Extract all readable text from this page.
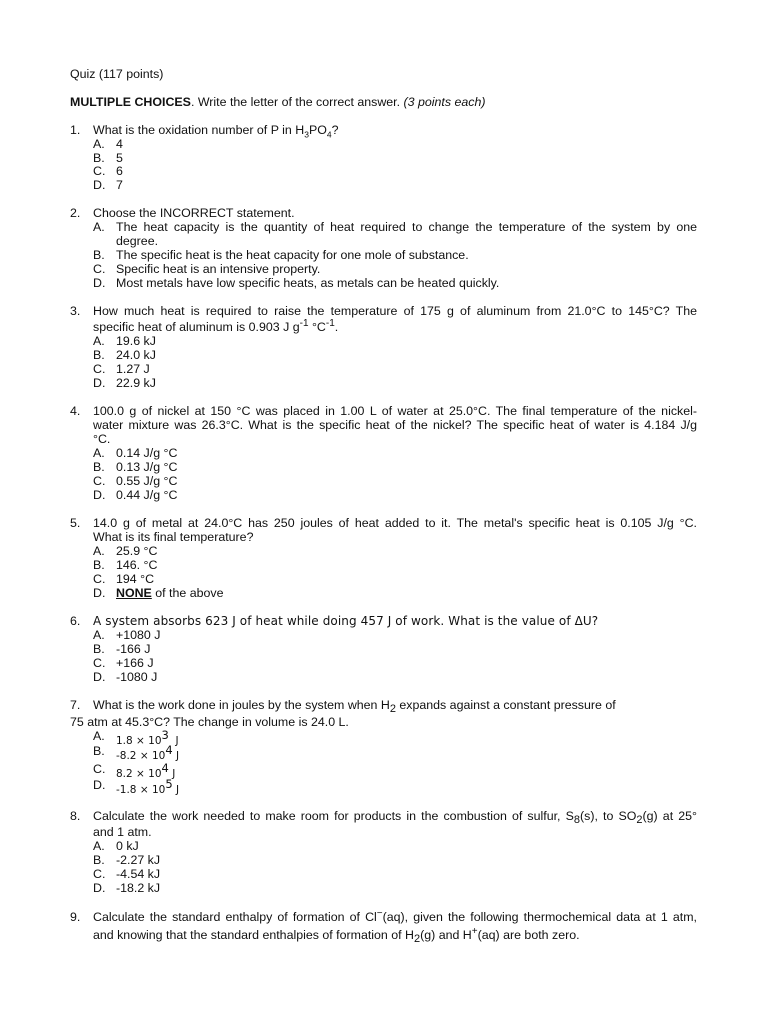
Quiz (117 points)
MULTIPLE CHOICES. Write the letter of the correct answer. (3 points each)
1. What is the oxidation number of P in $H_3PO_4$?
A. 4
B. 5
C. 6
D. 7
2. Choose the INCORRECT statement.
A. The heat capacity is the quantity of heat required to change the temperature of the system by one
degree.
B. The specific heat is the heat capacity for one mole of substance.
C. Specific heat is an intensive property.
D. Most metals have low specific heats, as metals can be heated quickly.
3. How much heat is required to raise the temperature of 175 g of aluminum from 21.0°C to 145°C? The
specific heat of aluminum is 0.903 J $g^{-1}$ $^\circ C^{-1}$.
A. 19.6 kJ
B. 24.0 kJ
C. 1.27 J
D. 22.9 kJ
4. 100.0 g of nickel at 150 °C was placed in 1.00 L of water at 25.0°C. The final temperature of the nickel-
water mixture was 26.3°C. What is the specific heat of the nickel? The specific heat of water is 4.184 J/g
°C.
A. 0.14 J/g °C
B. 0.13 J/g °C
C. 0.55 J/g °C
D. 0.44 J/g °C
5. 14.0 g of metal at 24.0°C has 250 joules of heat added to it. The metal's specific heat is 0.105 J/g °C.
What is its final temperature?
A. 25.9 °C
B. 146. °C
C. 194 °C
D. NONE of the above
6. A system absorbs 623 J of heat while doing 457 J of work. What is the value of ΔU?
A. +1080 J
B. -166 J
C. +166 J
D. -1080 J
7. What is the work done in joules by the system when H2 expands against a constant pressure of
75 atm at 45.3°C? The change in volume is 24.0 L.
A. 1.8 × 103  J
B. -8.2 × 104 J
C. 8.2 × 104 J
D. -1.8 × 105 J
8. Calculate the work needed to make room for products in the combustion of sulfur, S8(s), to SO2(g) at 25°
and 1 atm.
A. 0 kJ
B. -2.27 kJ
C. -4.54 kJ
D. -18.2 kJ
9. Calculate the standard enthalpy of formation of Cl−(aq), given the following thermochemical data at 1 atm,
and knowing that the standard enthalpies of formation of H2(g) and H+(aq) are both zero.
